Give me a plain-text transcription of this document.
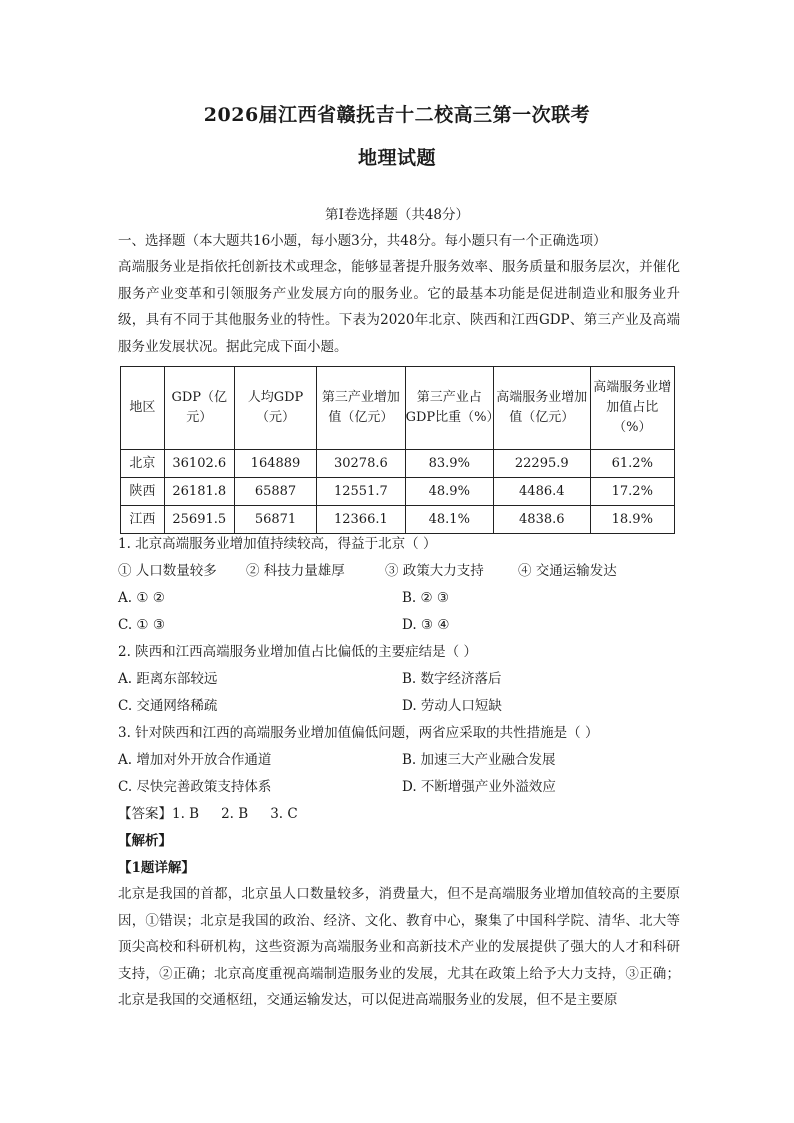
2026届江西省赣抚吉十二校高三第一次联考
地理试题
第Ⅰ卷选择题（共48分）
一、选择题（本大题共16小题，每小题3分，共48分。每小题只有一个正确选项）
高端服务业是指依托创新技术或理念，能够显著提升服务效率、服务质量和服务层次，并催化服务产业变革和引领服务产业发展方向的服务业。它的最基本功能是促进制造业和服务业升级，具有不同于其他服务业的特性。下表为2020年北京、陕西和江西GDP、第三产业及高端服务业发展状况。据此完成下面小题。
地区	GDP（亿元）	人均GDP（元）	第三产业增加值（亿元）	第三产业占GDP比重（%）	高端服务业增加值（亿元）	高端服务业增加值占比（%）
北京	36102.6	164889	30278.6	83.9%	22295.9	61.2%
陕西	26181.8	65887	12551.7	48.9%	4486.4	17.2%
江西	25691.5	56871	12366.1	48.1%	4838.6	18.9%
1. 北京高端服务业增加值持续较高，得益于北京（ ）
① 人口数量较多 ② 科技力量雄厚	③ 政策大力支持	④ 交通运输发达
A. ① ②	B. ② ③
C. ① ③	D. ③ ④
2. 陕西和江西高端服务业增加值占比偏低的主要症结是（ ）
A. 距离东部较远	B. 数字经济落后
C. 交通网络稀疏	D. 劳动人口短缺
3. 针对陕西和江西的高端服务业增加值偏低问题，两省应采取的共性措施是（ ）
A. 增加对外开放合作通道	B. 加速三大产业融合发展
C. 尽快完善政策支持体系	D. 不断增强产业外溢效应
【答案】1. B 2. B 3. C
【解析】
【1题详解】
北京是我国的首都，北京虽人口数量较多，消费量大，但不是高端服务业增加值较高的主要原因，①错误；北京是我国的政治、经济、文化、教育中心，聚集了中国科学院、清华、北大等顶尖高校和科研机构，这些资源为高端服务业和高新技术产业的发展提供了强大的人才和科研支持，②正确；北京高度重视高端制造服务业的发展，尤其在政策上给予大力支持，③正确；北京是我国的交通枢纽，交通运输发达，可以促进高端服务业的发展，但不是主要原
